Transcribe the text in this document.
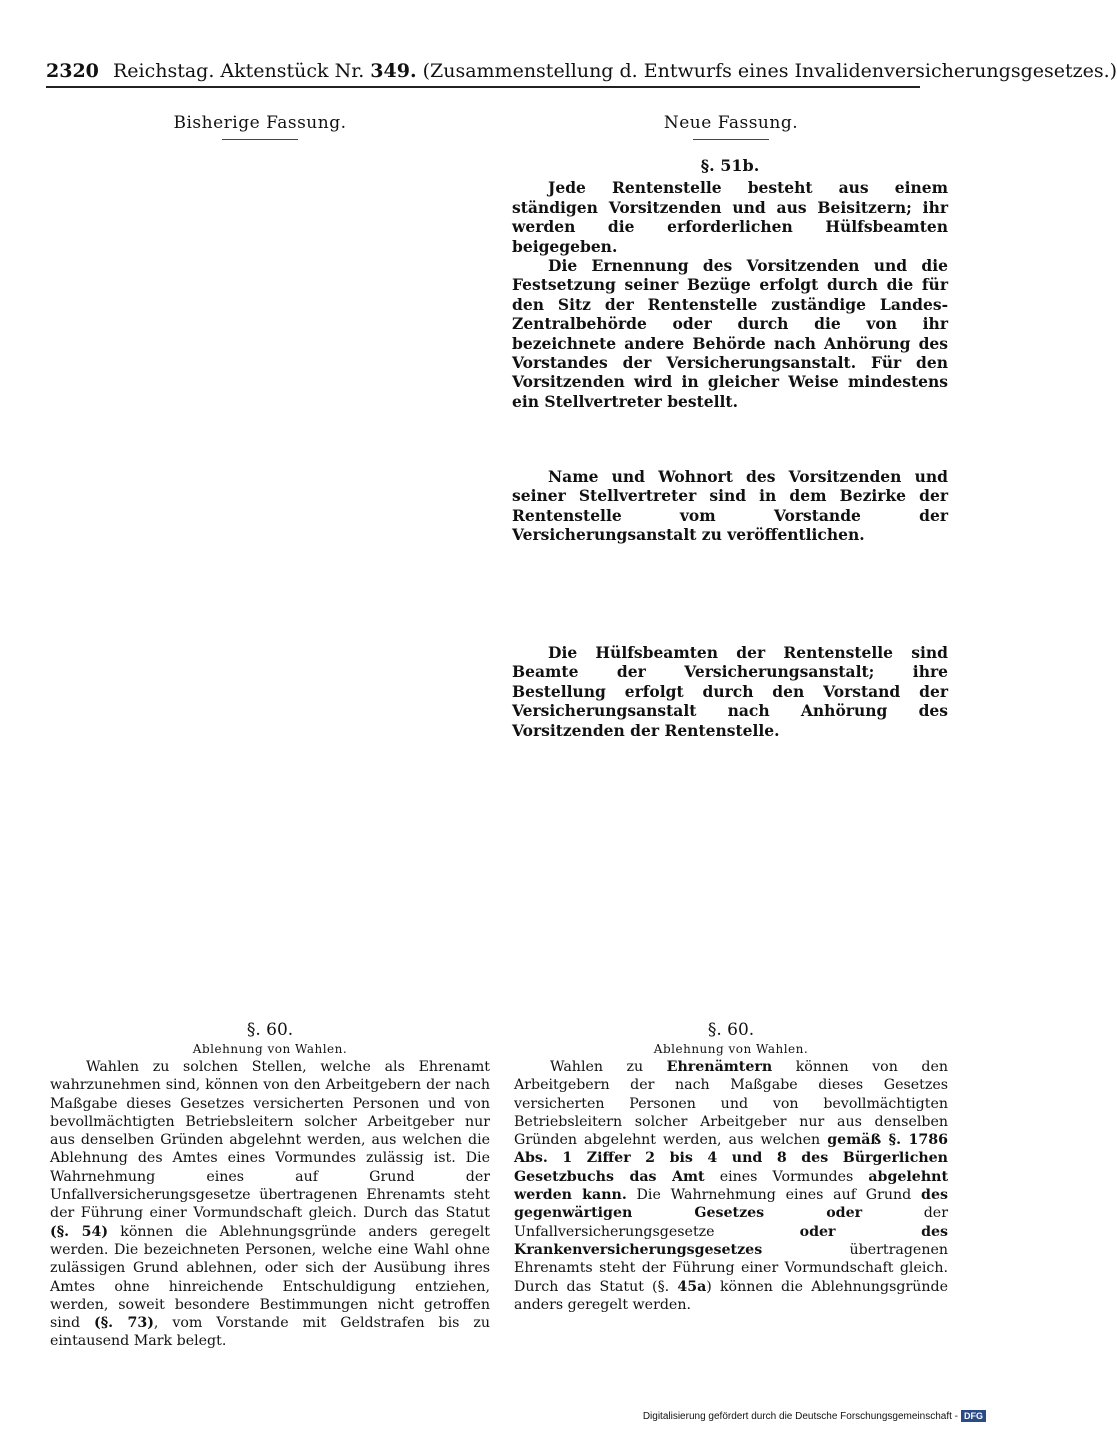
2320 Reichstag. Aktenstück Nr. 349. (Zusammenstellung d. Entwurfs eines Invalidenversicherungsgesetzes.)
Bisherige Fassung.	Neue Fassung.
§. 51b.

Jede Rentenstelle besteht aus einem ständigen Vorsitzenden und aus Beisitzern; ihr werden die erforderlichen Hülfsbeamten beigegeben.

Die Ernennung des Vorsitzenden und die Festsetzung seiner Bezüge erfolgt durch die für den Sitz der Rentenstelle zuständige Landes-Zentralbehörde oder durch die von ihr bezeichnete andere Behörde nach Anhörung des Vorstandes der Versicherungsanstalt. Für den Vorsitzenden wird in gleicher Weise mindestens ein Stellvertreter bestellt.

Name und Wohnort des Vorsitzenden und seiner Stellvertreter sind in dem Bezirke der Rentenstelle vom Vorstande der Versicherungsanstalt zu veröffentlichen.

Die Hülfsbeamten der Rentenstelle sind Beamte der Versicherungsanstalt; ihre Bestellung erfolgt durch den Vorstand der Versicherungsanstalt nach Anhörung des Vorsitzenden der Rentenstelle.

§. 60.
Ablehnung von Wahlen.

Wahlen zu solchen Stellen, welche als Ehrenamt wahrzunehmen sind, können von den Arbeitgebern der nach Maßgabe dieses Gesetzes versicherten Personen und von bevollmächtigten Betriebsleitern solcher Arbeitgeber nur aus denselben Gründen abgelehnt werden, aus welchen die Ablehnung des Amtes eines Vormundes zulässig ist. Die Wahrnehmung eines auf Grund der Unfallversicherungsgesetze übertragenen Ehrenamts steht der Führung einer Vormundschaft gleich. Durch das Statut (§. 54) können die Ablehnungsgründe anders geregelt werden. Die bezeichneten Personen, welche eine Wahl ohne zulässigen Grund ablehnen, oder sich der Ausübung ihres Amtes ohne hinreichende Entschuldigung entziehen, werden, soweit besondere Bestimmungen nicht getroffen sind (§. 73), vom Vorstande mit Geldstrafen bis zu eintausend Mark belegt.

§. 60.
Ablehnung von Wahlen.

Wahlen zu Ehrenämtern können von den Arbeitgebern der nach Maßgabe dieses Gesetzes versicherten Personen und von bevollmächtigten Betriebsleitern solcher Arbeitgeber nur aus denselben Gründen abgelehnt werden, aus welchen gemäß §. 1786 Abs. 1 Ziffer 2 bis 4 und 8 des Bürgerlichen Gesetzbuchs das Amt eines Vormundes abgelehnt werden kann. Die Wahrnehmung eines auf Grund des gegenwärtigen Gesetzes oder der Unfallversicherungsgesetze oder des Krankenversicherungsgesetzes übertragenen Ehrenamts steht der Führung einer Vormundschaft gleich. Durch das Statut (§. 45a) können die Ablehnungsgründe anders geregelt werden.

Digitalisierung gefördert durch die Deutsche Forschungsgemeinschaft - DFG
